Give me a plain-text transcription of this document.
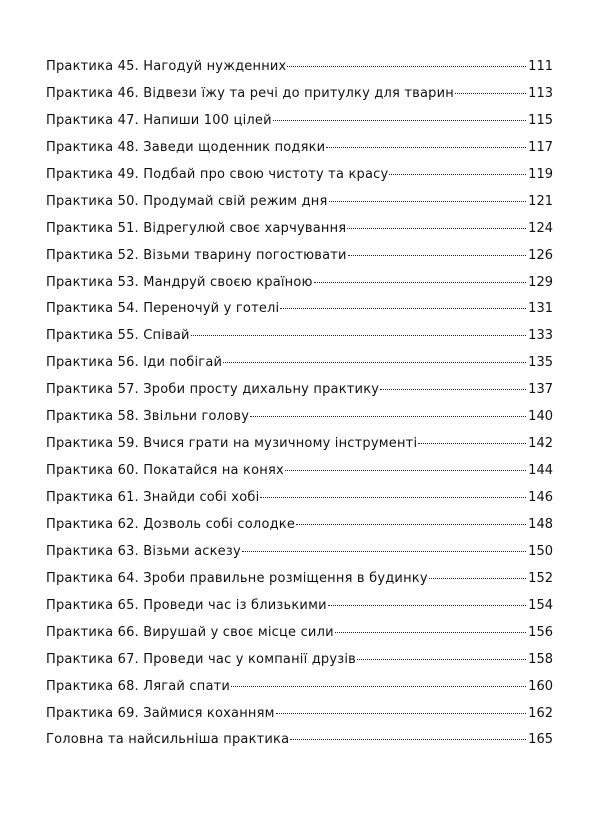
Практика 45. Нагодуй нужденних	111
Практика 46. Відвези їжу та речі до притулку для тварин	113
Практика 47. Напиши 100 цілей	115
Практика 48. Заведи щоденник подяки	117
Практика 49. Подбай про свою чистоту та красу	119
Практика 50. Продумай свій режим дня	121
Практика 51. Відрегулюй своє харчування	124
Практика 52. Візьми тварину погостювати	126
Практика 53. Мандруй своєю країною	129
Практика 54. Переночуй у готелі	131
Практика 55. Співай	133
Практика 56. Іди побігай	135
Практика 57. Зроби просту дихальну практику	137
Практика 58. Звільни голову	140
Практика 59. Вчися грати на музичному інструменті	142
Практика 60. Покатайся на конях	144
Практика 61. Знайди собі хобі	146
Практика 62. Дозволь собі солодке	148
Практика 63. Візьми аскезу	150
Практика 64. Зроби правильне розміщення в будинку	152
Практика 65. Проведи час із близькими	154
Практика 66. Вирушай у своє місце сили	156
Практика 67. Проведи час у компанії друзів	158
Практика 68. Лягай спати	160
Практика 69. Займися коханням	162
Головна та найсильніша практика	165
